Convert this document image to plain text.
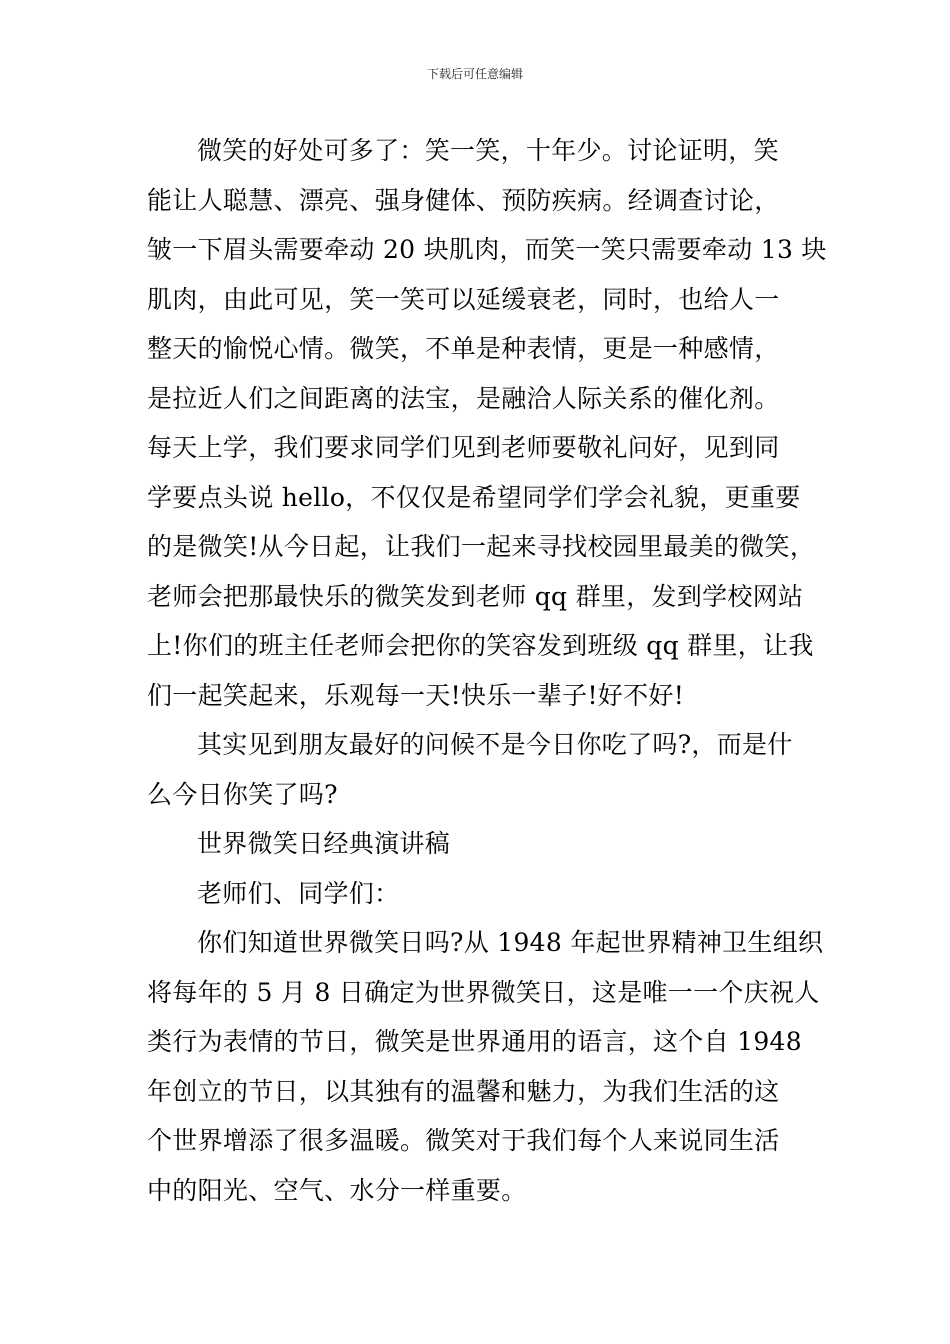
下载后可任意编辑
微笑的好处可多了：笑一笑，十年少。讨论证明，笑
能让人聪慧、漂亮、强身健体、预防疾病。经调查讨论，
皱一下眉头需要牵动 20 块肌肉，而笑一笑只需要牵动 13 块
肌肉，由此可见，笑一笑可以延缓衰老，同时，也给人一
整天的愉悦心情。微笑，不单是种表情，更是一种感情，
是拉近人们之间距离的法宝，是融洽人际关系的催化剂。
每天上学，我们要求同学们见到老师要敬礼问好，见到同
学要点头说 hello，不仅仅是希望同学们学会礼貌，更重要
的是微笑!从今日起，让我们一起来寻找校园里最美的微笑，
老师会把那最快乐的微笑发到老师 qq 群里，发到学校网站
上!你们的班主任老师会把你的笑容发到班级 qq 群里，让我
们一起笑起来，乐观每一天!快乐一辈子!好不好!
其实见到朋友最好的问候不是今日你吃了吗?，而是什
么今日你笑了吗?
世界微笑日经典演讲稿
老师们、同学们：
你们知道世界微笑日吗?从 1948 年起世界精神卫生组织
将每年的 5 月 8 日确定为世界微笑日，这是唯一一个庆祝人
类行为表情的节日，微笑是世界通用的语言，这个自 1948
年创立的节日，以其独有的温馨和魅力，为我们生活的这
个世界增添了很多温暖。微笑对于我们每个人来说同生活
中的阳光、空气、水分一样重要。
